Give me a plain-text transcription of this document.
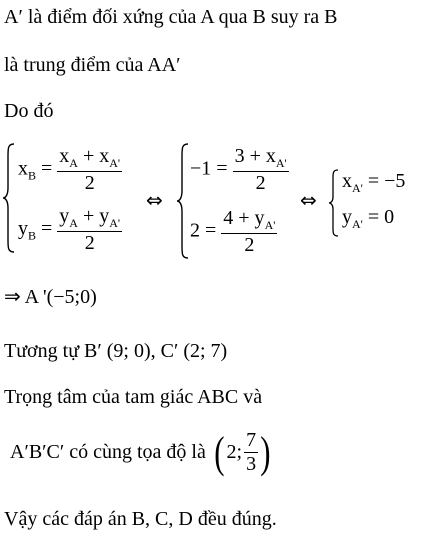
A′ là điểm đối xứng của A qua B suy ra B
là trung điểm của AA′
Do đó
$x_B = \frac{x_A + x_{A'}}{2}$
$y_B = \frac{y_A + y_{A'}}{2}$
⇔
$-1 = \frac{3 + x_{A'}}{2}$
$2 = \frac{4 + y_{A'}}{2}$
⇔
$x_{A'} = -5$
$y_{A'} = 0$
⇒ A '(−5;0)
Tương tự B′ (9; 0), C′ (2; 7)
Trọng tâm của tam giác ABC và
A′B′C′ có cùng tọa độ là ( 2; $\frac{7}{3}$ )
Vậy các đáp án B, C, D đều đúng.
